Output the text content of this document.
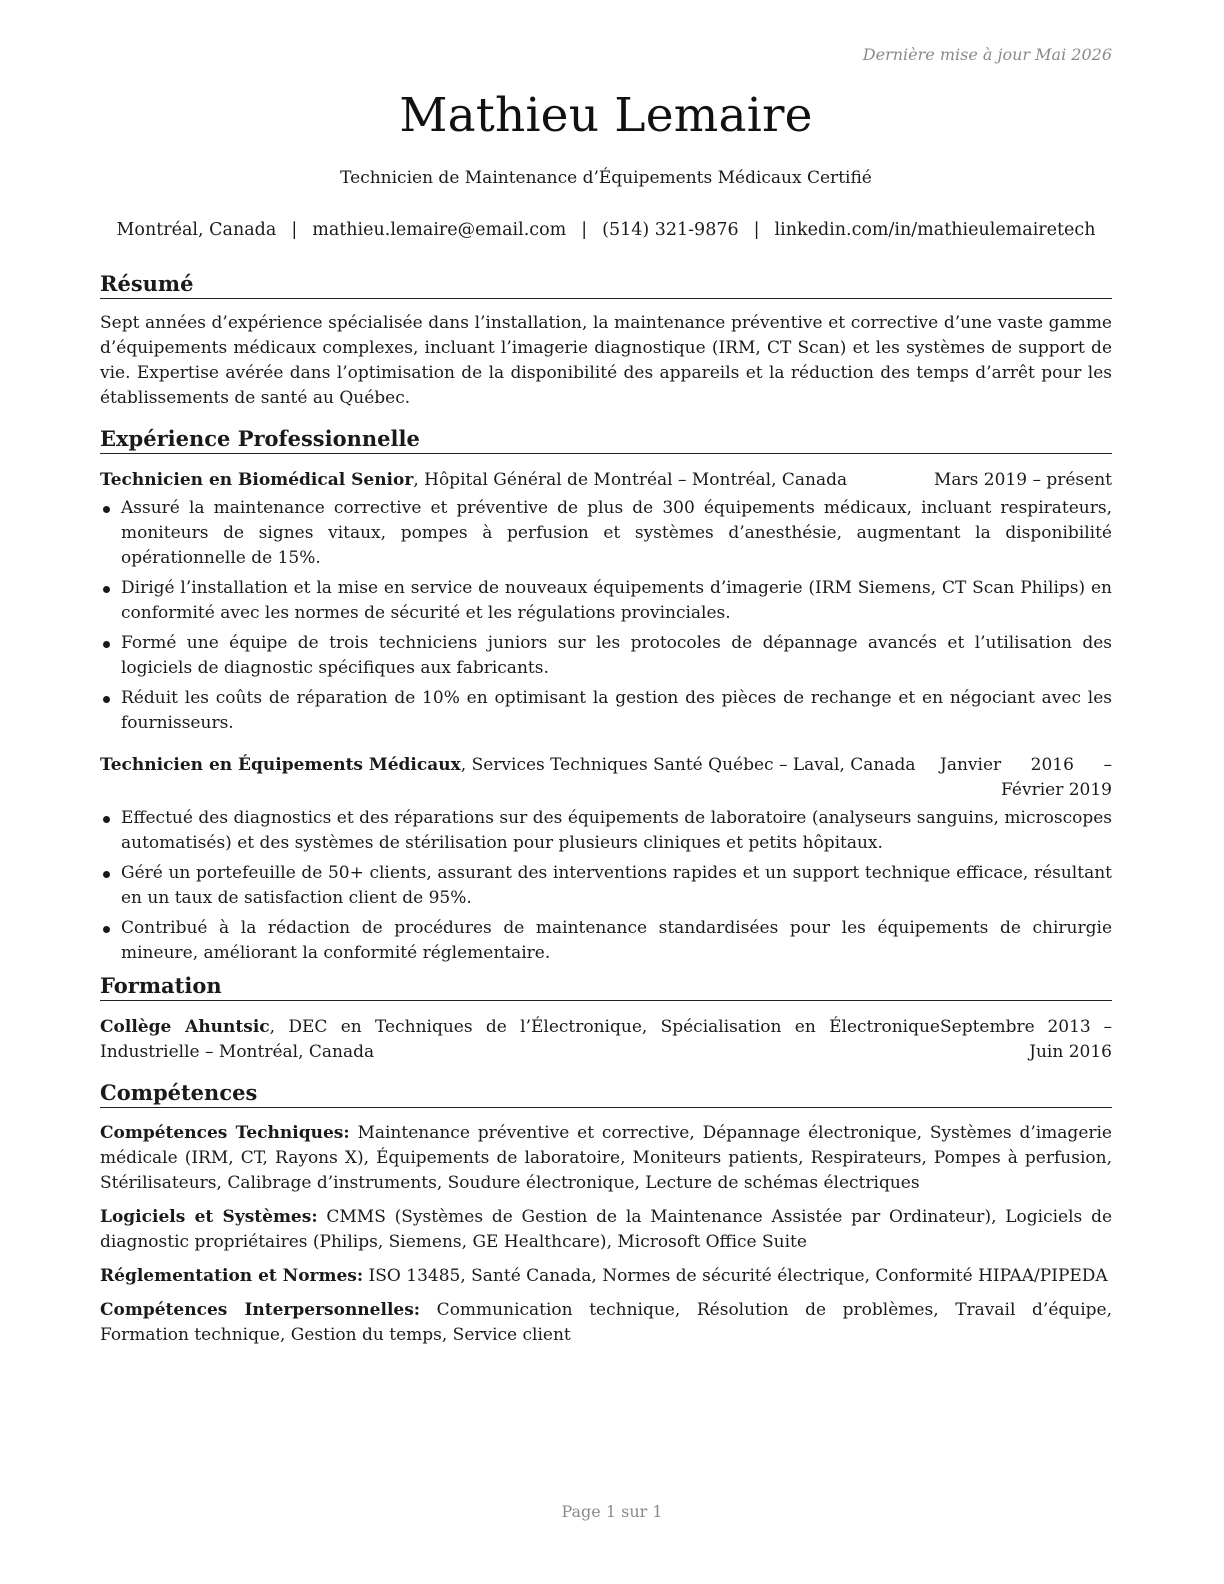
Dernière mise à jour Mai 2026
Mathieu Lemaire
Technicien de Maintenance d’Équipements Médicaux Certifié
Montréal, Canada | mathieu.lemaire@email.com | (514) 321-9876 | linkedin.com/in/mathieulemairetech
Résumé

Sept années d’expérience spécialisée dans l’installation, la maintenance préventive et corrective d’une vaste gamme d’équipements médicaux complexes, incluant l’imagerie diagnostique (IRM, CT Scan) et les systèmes de support de vie. Expertise avérée dans l’optimisation de la disponibilité des appareils et la réduction des temps d’arrêt pour les établissements de santé au Québec.

Expérience Professionnelle
Technicien en Biomédical Senior, Hôpital Général de Montréal – Montréal, Canada	Mars 2019 – présent
Assuré la maintenance corrective et préventive de plus de 300 équipements médicaux, incluant respirateurs, moniteurs de signes vitaux, pompes à perfusion et systèmes d’anesthésie, augmentant la disponibilité opérationnelle de 15%.
Dirigé l’installation et la mise en service de nouveaux équipements d’imagerie (IRM Siemens, CT Scan Philips) en conformité avec les normes de sécurité et les régulations provinciales.
Formé une équipe de trois techniciens juniors sur les protocoles de dépannage avancés et l’utilisation des logiciels de diagnostic spécifiques aux fabricants.
Réduit les coûts de réparation de 10% en optimisant la gestion des pièces de rechange et en négociant avec les fournisseurs.
Technicien en Équipements Médicaux, Services Techniques Santé Québec – Laval, Canada	Janvier 2016 – Février 2019
Effectué des diagnostics et des réparations sur des équipements de laboratoire (analyseurs sanguins, microscopes automatisés) et des systèmes de stérilisation pour plusieurs cliniques et petits hôpitaux.
Géré un portefeuille de 50+ clients, assurant des interventions rapides et un support technique efficace, résultant en un taux de satisfaction client de 95%.
Contribué à la rédaction de procédures de maintenance standardisées pour les équipements de chirurgie mineure, améliorant la conformité réglementaire.
Formation
Collège Ahuntsic, DEC en Techniques de l’Électronique, Spécialisation en Électronique Industrielle – Montréal, Canada
Septembre 2013 – Juin 2016
Compétences

Compétences Techniques: Maintenance préventive et corrective, Dépannage électronique, Systèmes d’imagerie médicale (IRM, CT, Rayons X), Équipements de laboratoire, Moniteurs patients, Respirateurs, Pompes à perfusion, Stérilisateurs, Calibrage d’instruments, Soudure électronique, Lecture de schémas électriques

Logiciels et Systèmes: CMMS (Systèmes de Gestion de la Maintenance Assistée par Ordinateur), Logiciels de diagnostic propriétaires (Philips, Siemens, GE Healthcare), Microsoft Office Suite

Réglementation et Normes: ISO 13485, Santé Canada, Normes de sécurité électrique, Conformité HIPAA/PIPEDA

Compétences Interpersonnelles: Communication technique, Résolution de problèmes, Travail d’équipe, Formation technique, Gestion du temps, Service client

Page 1 sur 1
